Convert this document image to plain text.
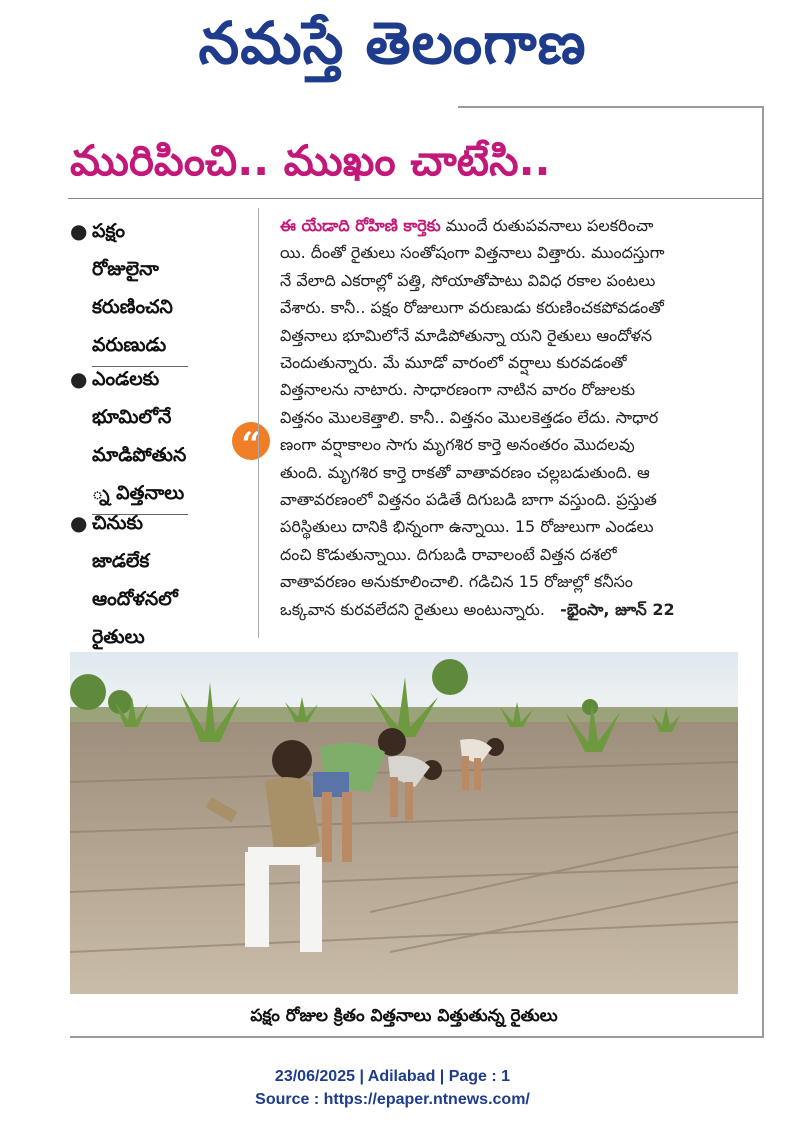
నమస్తే తెలంగాణ
మురిపించి.. ముఖం చాటేసి..
● పక్షం
రోజులైనా
కరుణించని
వరుణుడు
● ఎండలకు
భూమిలోనే
మాడిపోతున
్న విత్తనాలు
● చినుకు
జాడలేక
ఆందోళనలో
రైతులు
“
ఈ యేడాది రోహిణి కార్తెకు ముందే రుతుపవనాలు పలకరించా
యి. దీంతో రైతులు సంతోషంగా విత్తనాలు విత్తారు. ముందస్తుగా
నే వేలాది ఎకరాల్లో పత్తి, సోయాతోపాటు వివిధ రకాల పంటలు
వేశారు. కానీ.. పక్షం రోజులుగా వరుణుడు కరుణించకపోవడంతో
విత్తనాలు భూమిలోనే మాడిపోతున్నా యని రైతులు ఆందోళన
చెందుతున్నారు. మే మూడో వారంలో వర్షాలు కురవడంతో
విత్తనాలను నాటారు. సాధారణంగా నాటిన వారం రోజులకు
విత్తనం మొలకెత్తాలి. కానీ.. విత్తనం మొలకెత్తడం లేదు. సాధార
ణంగా వర్షాకాలం సాగు మృగశిర కార్తె అనంతరం మొదలవు
తుంది. మృగశిర కార్తె రాకతో వాతావరణం చల్లబడుతుంది. ఆ
వాతావరణంలో విత్తనం పడితే దిగుబడి బాగా వస్తుంది. ప్రస్తుత
పరిస్థితులు దానికి భిన్నంగా ఉన్నాయి. 15 రోజులుగా ఎండలు
దంచి కొడుతున్నాయి. దిగుబడి రావాలంటే విత్తన దశలో
వాతావరణం అనుకూలించాలి. గడిచిన 15 రోజుల్లో కనీసం
ఒక్కవాన కురవలేదని రైతులు అంటున్నారు. -భైంసా, జూన్ 22
పక్షం రోజుల క్రితం విత్తనాలు విత్తుతున్న రైతులు
23/06/2025 | Adilabad | Page : 1
Source : https://epaper.ntnews.com/
